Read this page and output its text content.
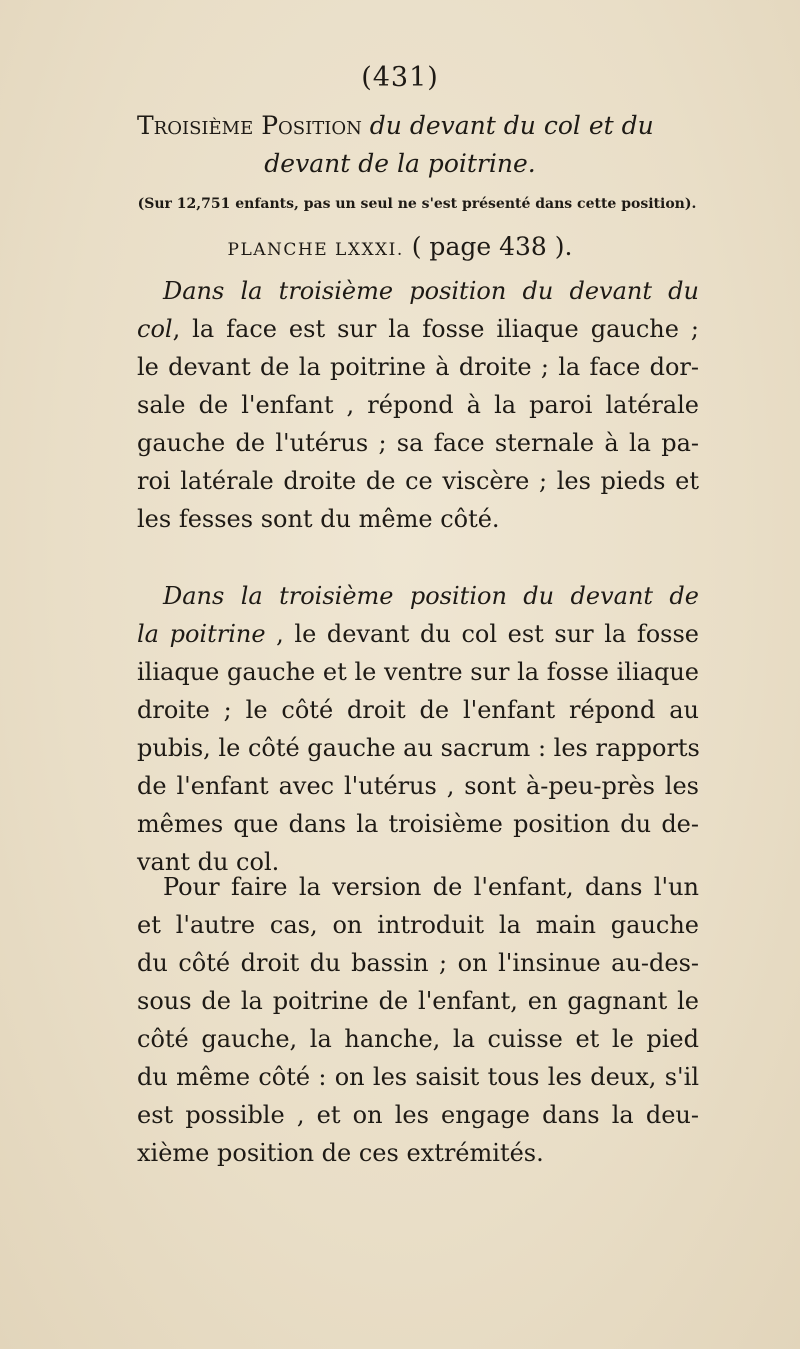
(431)
Troisième Position du devant du col et du
devant de la poitrine.
(Sur 12,751 enfants, pas un seul ne s'est présenté dans cette position).
PLANCHE LXXXI. ( page 438 ).
Dans la troisième position du devant du
col, la face est sur la fosse iliaque gauche ;
le devant de la poitrine à droite ; la face dor-
sale de l'enfant , répond à la paroi latérale
gauche de l'utérus ; sa face sternale à la pa-
roi latérale droite de ce viscère ; les pieds et
les fesses sont du même côté.
Dans la troisième position du devant de
la poitrine , le devant du col est sur la fosse
iliaque gauche et le ventre sur la fosse iliaque
droite ; le côté droit de l'enfant répond au
pubis, le côté gauche au sacrum : les rapports
de l'enfant avec l'utérus , sont à-peu-près les
mêmes que dans la troisième position du de-
vant du col.
Pour faire la version de l'enfant, dans l'un
et l'autre cas, on introduit la main gauche
du côté droit du bassin ; on l'insinue au-des-
sous de la poitrine de l'enfant, en gagnant le
côté gauche, la hanche, la cuisse et le pied
du même côté : on les saisit tous les deux, s'il
est possible , et on les engage dans la deu-
xième position de ces extrémités.
